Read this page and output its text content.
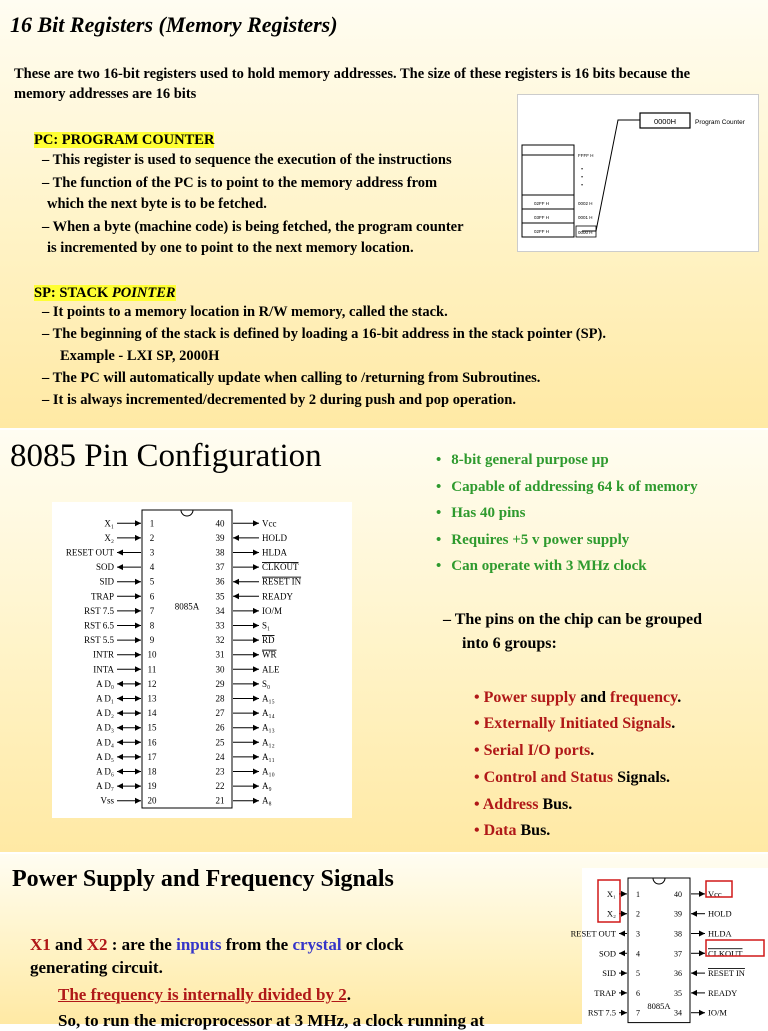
16 Bit Registers (Memory Registers)
These are two 16-bit registers used to hold memory addresses. The size of these registers is 16 bits because the memory addresses are 16 bits
PC: PROGRAM COUNTER
– This register is used to sequence the execution of the instructions
– The function of the PC is to point to the memory address from
which the next byte is to be fetched.
– When a byte (machine code) is being fetched, the program counter
is incremented by one to point to the next memory location.
SP: STACK POINTER
– It points to a memory location in R/W memory, called the stack.
– The beginning of the stack is defined by loading a 16-bit address in the stack pointer (SP).
Example - LXI SP, 2000H
– The PC will automatically update when calling to /returning from Subroutines.
– It is always incremented/decremented by 2 during push and pop operation.
0000H	Program Counter
FFFF H
•
•
•
02FF H
03FF H
02FF H
0002 H
0001 H
0000 H
8085 Pin Configuration
1
X₁
2
X₂
3
RESET OUT
4
SOD
5
SID
6
TRAP
7
RST 7.5
8
RST 6.5
9
RST 5.5
10
INTR
11
INTA
12
A D₀
13
A D₁
14
A D₂
15
A D₃
16
A D₄
17
A D₅
18
A D₆
19
A D₇
20
Vss
40	Vcc
39	HOLD
38	HLDA
37	CLKOUT
36	RESET IN
35	READY
34	IO/M
33	S₁
32	RD
31	WR
30	ALE
29	S₀
28	A₁₅
27	A₁₄
26	A₁₃
25	A₁₂
24	A₁₁
23	A₁₀
22	A₉
21	A₈
8085A
• 8-bit general purpose µp
• Capable of addressing 64 k of memory
• Has 40 pins
• Requires +5 v power supply
• Can operate with 3 MHz clock
– The pins on the chip can be grouped
into 6 groups:
• Power supply and frequency.
• Externally Initiated Signals.
• Serial I/O ports.
• Control and Status Signals.
• Address Bus.
• Data Bus.
Power Supply and Frequency Signals
X1 and X2 : are the inputs from the crystal or clock
generating circuit.
The frequency is internally divided by 2.
So, to run the microprocessor at 3 MHz, a clock running at
1
X₁
2
X₂
3
RESET OUT
4
SOD
5
SID
6
TRAP
7
RST 7.5
40	Vcc
39	HOLD
38	HLDA
37	CLKOUT
36	RESET IN
35	READY
34	IO/M
8085A
